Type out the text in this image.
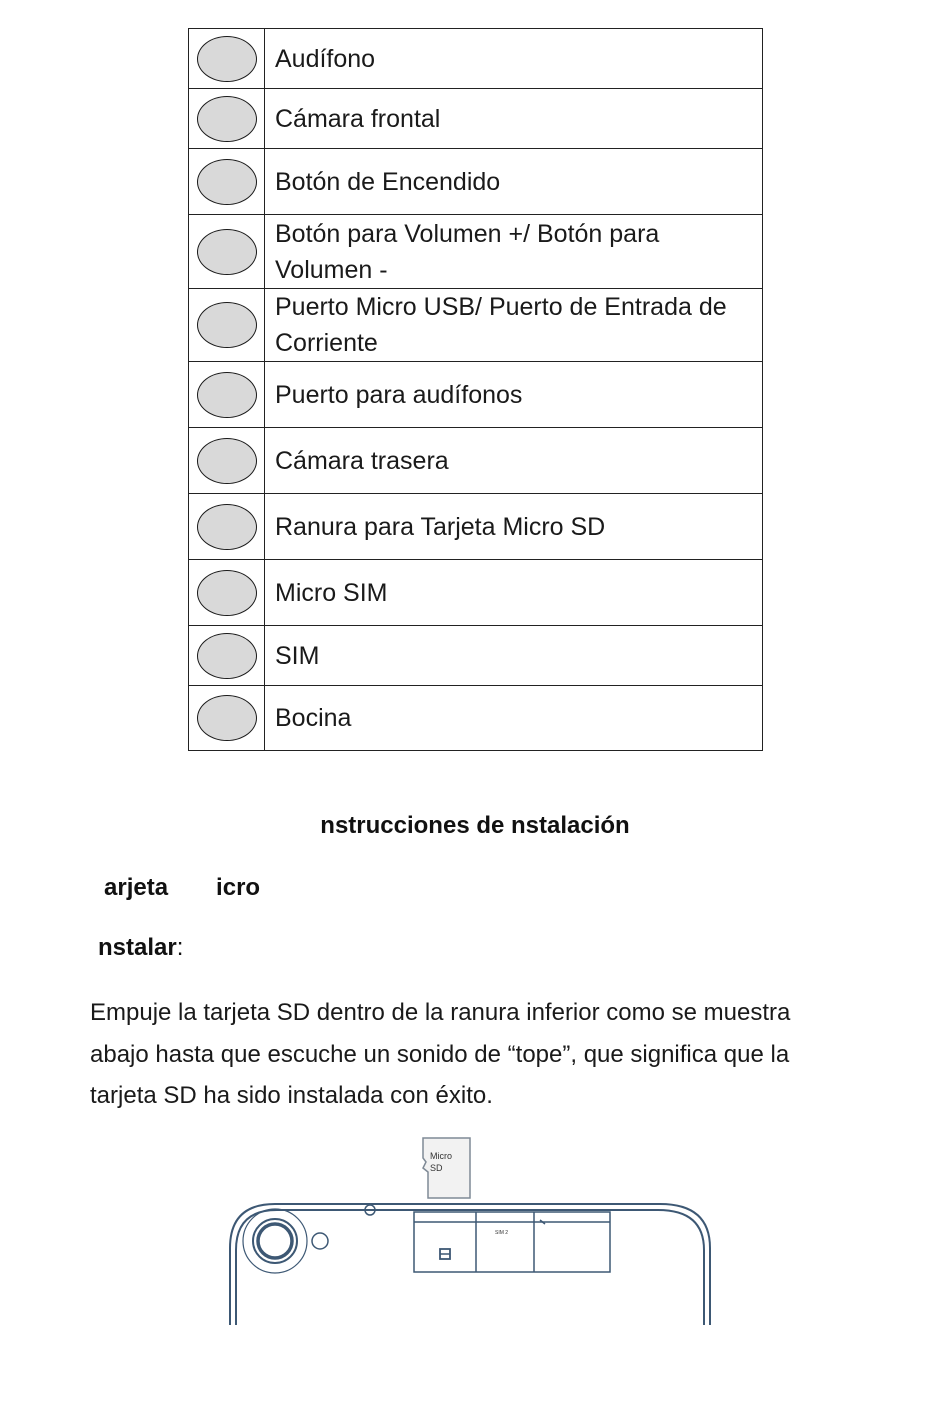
	Audífono
	Cámara frontal
	Botón de Encendido
	Botón para Volumen +/ Botón para Volumen -
	Puerto Micro USB/ Puerto de Entrada de Corriente
	Puerto para audífonos
	Cámara trasera
	Ranura para Tarjeta Micro SD
	Micro SIM
	SIM
	Bocina
nstrucciones de nstalación
arjeta icro
nstalar:
Empuje la tarjeta SD dentro de la ranura inferior como se muestra abajo hasta que escuche un sonido de “tope”, que significa que la tarjeta SD ha sido instalada con éxito.
Micro
SD
SIM 2
